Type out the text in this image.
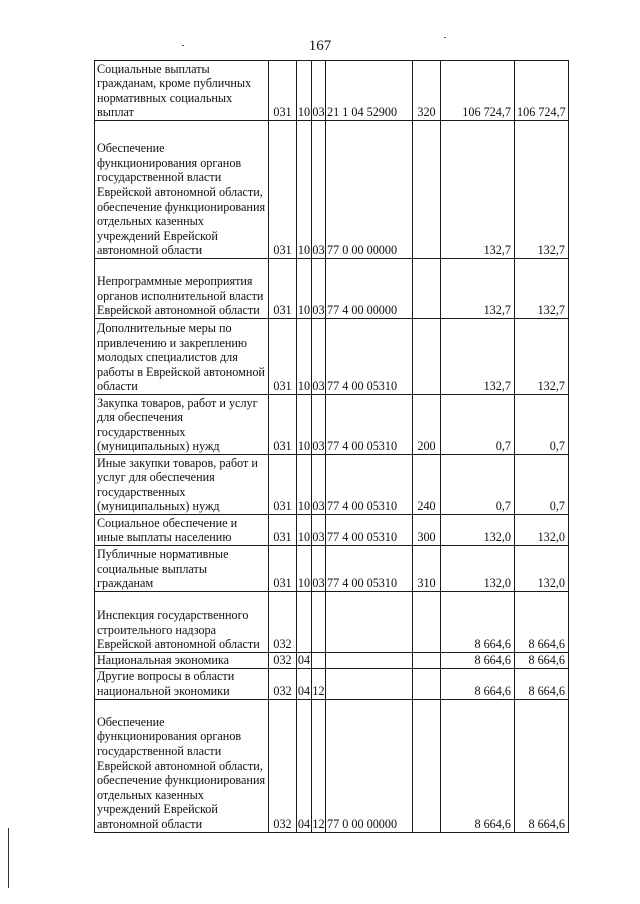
167
Социальные выплаты гражданам, кроме публичных нормативных социальных выплат	031	10	03	21 1 04 52900	320	106 724,7	106 724,7
Обеспечение функционирования органов государственной власти Еврейской автономной области, обеспечение функционирования отдельных казенных учреждений Еврейской автономной области	031	10	03	77 0 00 00000		132,7	132,7
Непрограммные мероприятия органов исполнительной власти Еврейской автономной области	031	10	03	77 4 00 00000		132,7	132,7
Дополнительные меры по привлечению и закреплению молодых специалистов для работы в Еврейской автономной области	031	10	03	77 4 00 05310		132,7	132,7
Закупка товаров, работ и услуг для обеспечения государственных (муниципальных) нужд	031	10	03	77 4 00 05310	200	0,7	0,7
Иные закупки товаров, работ и услуг для обеспечения государственных (муниципальных) нужд	031	10	03	77 4 00 05310	240	0,7	0,7
Социальное обеспечение и иные выплаты населению	031	10	03	77 4 00 05310	300	132,0	132,0
Публичные нормативные социальные выплаты гражданам	031	10	03	77 4 00 05310	310	132,0	132,0
Инспекция государственного строительного надзора Еврейской автономной области	032					8 664,6	8 664,6
Национальная экономика	032	04				8 664,6	8 664,6
Другие вопросы в области национальной экономики	032	04	12			8 664,6	8 664,6
Обеспечение функционирования органов государственной власти Еврейской автономной области, обеспечение функционирования отдельных казенных учреждений Еврейской автономной области	032	04	12	77 0 00 00000		8 664,6	8 664,6
